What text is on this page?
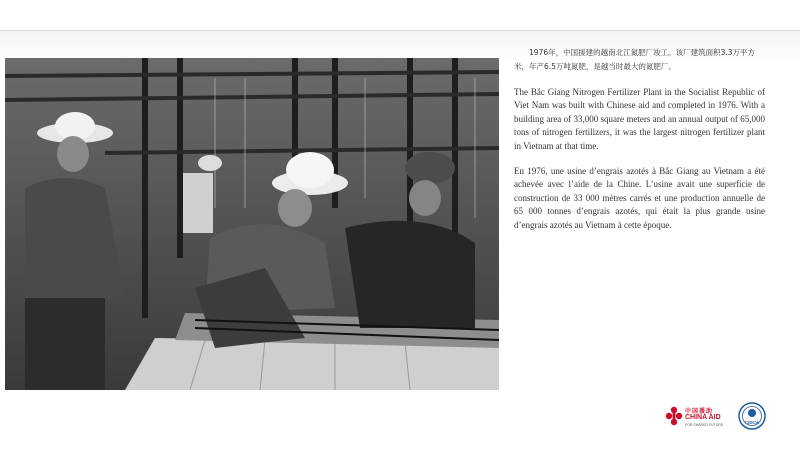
1976年，中国援建的越南北江氮肥厂竣工。该厂建筑面积3.3万平方米，年产6.5万吨氮肥，是越当时最大的氮肥厂。

The Bắc Giang Nitrogen Fertilizer Plant in the Socialist Republic of Viet Nam was built with Chinese aid and completed in 1976. With a building area of 33,000 square meters and an annual output of 65,000 tons of nitrogen fertilizers, it was the largest nitrogen fertilizer plant in Vietnam at that time.

En 1976, une usine d’engrais azotés à Bắc Giang au Vietnam a été achevée avec l’aide de la Chine. L’usine avait une superficie de construction de 33 000 mètres carrés et une production annuelle de 65 000 tonnes d’engrais azotés, qui était la plus grande usine d’engrais azotés au Vietnam à cette époque.

中国援助
CHINA AID
FOR SHARED FUTURE	CIDCA
